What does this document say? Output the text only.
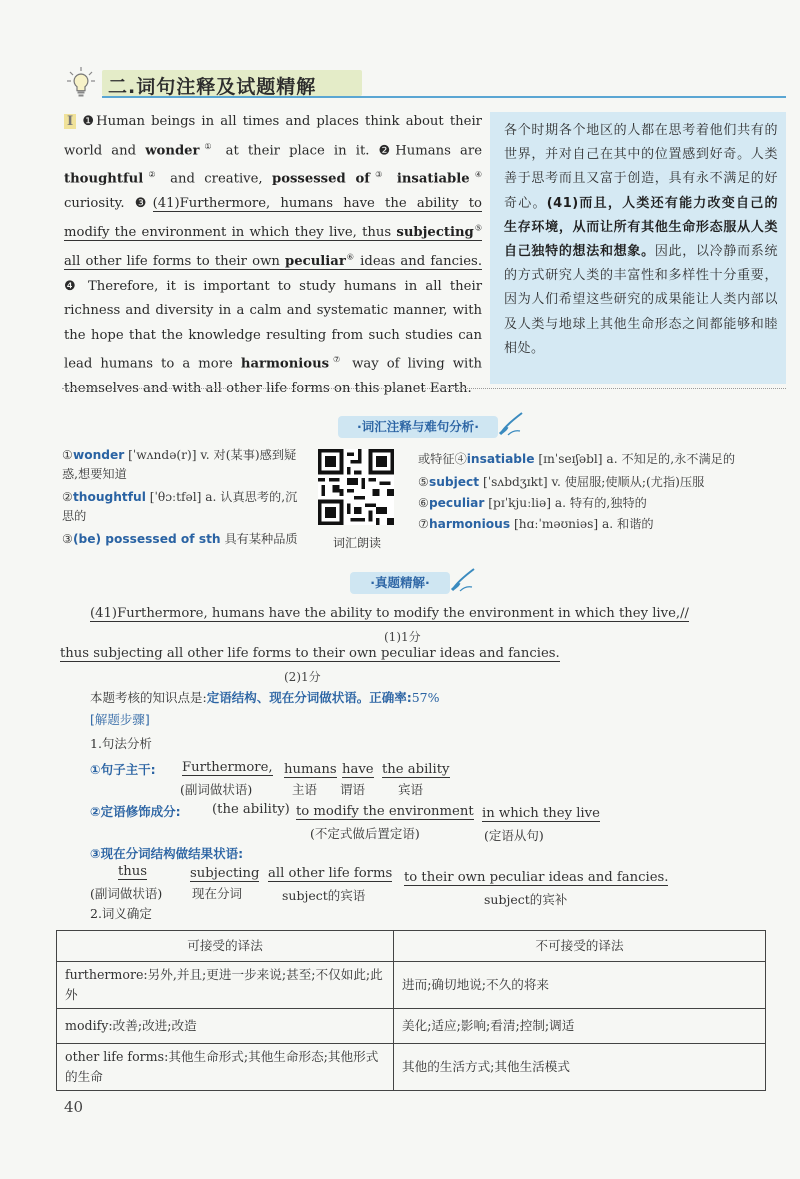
二.词句注释及试题精解
I ❶Human beings in all times and places think about their world and wonder① at their place in it. ❷Humans are thoughtful② and creative, possessed of③ insatiable④ curiosity. ❸(41)Furthermore, humans have the ability to modify the environment in which they live, thus subjecting⑤ all other life forms to their own peculiar⑥ ideas and fancies. ❹ Therefore, it is important to study humans in all their richness and diversity in a calm and systematic manner, with the hope that the knowledge resulting from such studies can lead humans to a more harmonious⑦ way of living with themselves and with all other life forms on this planet Earth.
各个时期各个地区的人都在思考着他们共有的世界，并对自己在其中的位置感到好奇。人类善于思考而且又富于创造，具有永不满足的好奇心。(41)而且，人类还有能力改变自己的生存环境，从而让所有其他生命形态服从人类自己独特的想法和想象。因此，以冷静而系统的方式研究人类的丰富性和多样性十分重要，因为人们希望这些研究的成果能让人类内部以及人类与地球上其他生命形态之间都能够和睦相处。
·词汇注释与难句分析·
①wonder [ˈwʌndə(r)] v. 对(某事)感到疑惑,想要知道
②thoughtful [ˈθɔːtfəl] a. 认真思考的,沉思的
③(be) possessed of sth 具有某种品质	词汇朗读
或特征④insatiable [ɪnˈseɪʃəbl] a. 不知足的,永不满足的
⑤subject [ˈsʌbdʒɪkt] v. 使屈服;使顺从;(尤指)压服
⑥peculiar [pɪˈkjuːliə] a. 特有的,独特的
⑦harmonious [hɑːˈməʊniəs] a. 和谐的
·真题精解·
(41)Furthermore, humans have the ability to modify the environment in which they live,//
(1)1分
thus subjecting all other life forms to their own peculiar ideas and fancies.
(2)1分
本题考核的知识点是:定语结构、现在分词做状语。正确率:57%
[解题步骤]
1.句法分析
①句子主干: Furthermore, humans have the ability
(副词做状语)	主语 谓语	宾语
②定语修饰成分: (the ability) to modify the environment in which they live
(不定式做后置定语)	(定语从句)
③现在分词结构做结果状语:
thus	subjecting all other life forms to their own peculiar ideas and fancies.
(副词做状语) 现在分词	subject的宾语	subject的宾补
2.词义确定
可接受的译法	不可接受的译法
furthermore:另外,并且;更进一步来说;甚至;不仅如此;此外	进而;确切地说;不久的将来
modify:改善;改进;改造	美化;适应;影响;看清;控制;调适
other life forms:其他生命形式;其他生命形态;其他形式的生命	其他的生活方式;其他生活模式
40
